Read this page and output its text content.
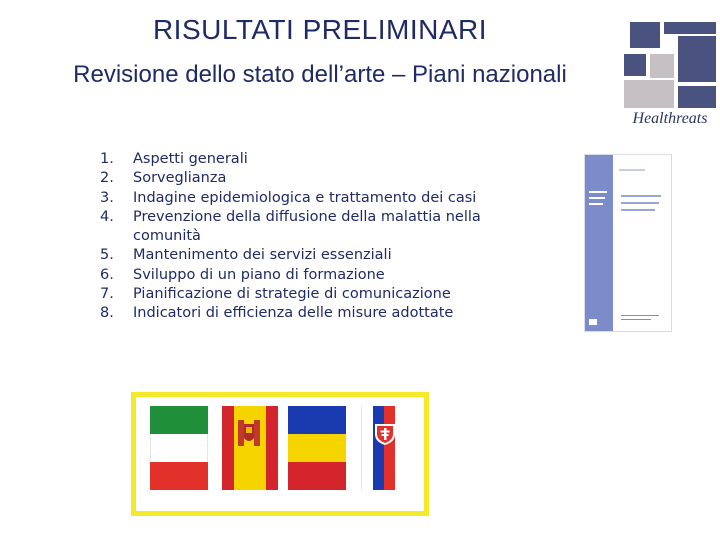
RISULTATI PRELIMINARI
Revisione dello stato dell’arte – Piani nazionali
Healthreats
1.	Aspetti generali
2.	Sorveglianza
3.	Indagine epidemiologica e trattamento dei casi
4.	Prevenzione della diffusione della malattia nella comunità
5.	Mantenimento dei servizi essenziali
6.	Sviluppo di un piano di formazione
7.	Pianificazione di strategie di comunicazione
8.	Indicatori di efficienza delle misure adottate
